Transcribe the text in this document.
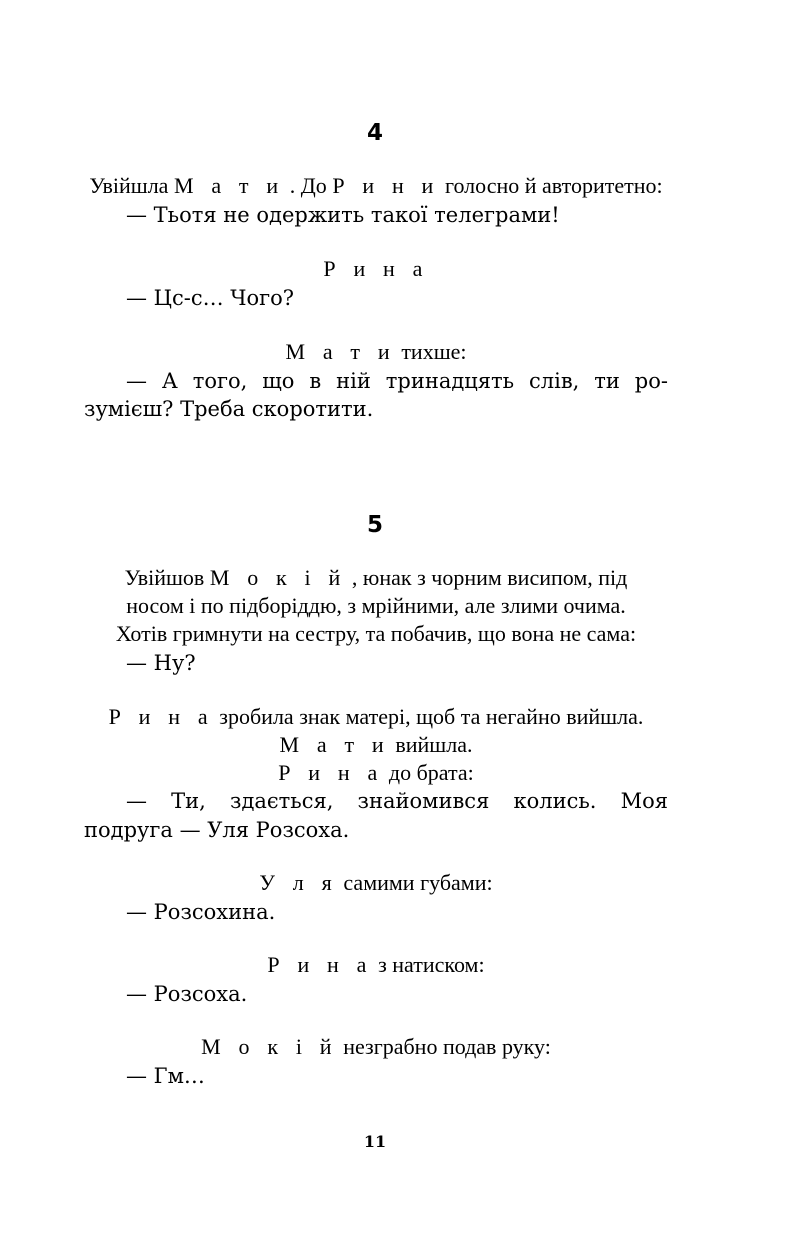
4
Увійшла М а т и . До Р и н и голосно й авторитетно:
— Тьотя не одержить такої телеграми!
Р и н а
— Цс-с… Чого?
М а т и тихше:
— А того, що в ній тринадцять слів, ти ро-
зумієш? Треба скоротити.
5
Увійшов М о к і й , юнак з чорним висипом, під
носом і по підборіддю, з мрійними, але злими очима.
Хотів гримнути на сестру, та побачив, що вона не сама:
— Ну?
Р и н а зробила знак матері, щоб та негайно вийшла.
М а т и вийшла.
Р и н а до брата:
— Ти, здається, знайомився колись. Моя
подруга — Уля Розсоха.
У л я самими губами:
— Розсохина.
Р и н а з натиском:
— Розсоха.
М о к і й незграбно подав руку:
— Гм…
11
